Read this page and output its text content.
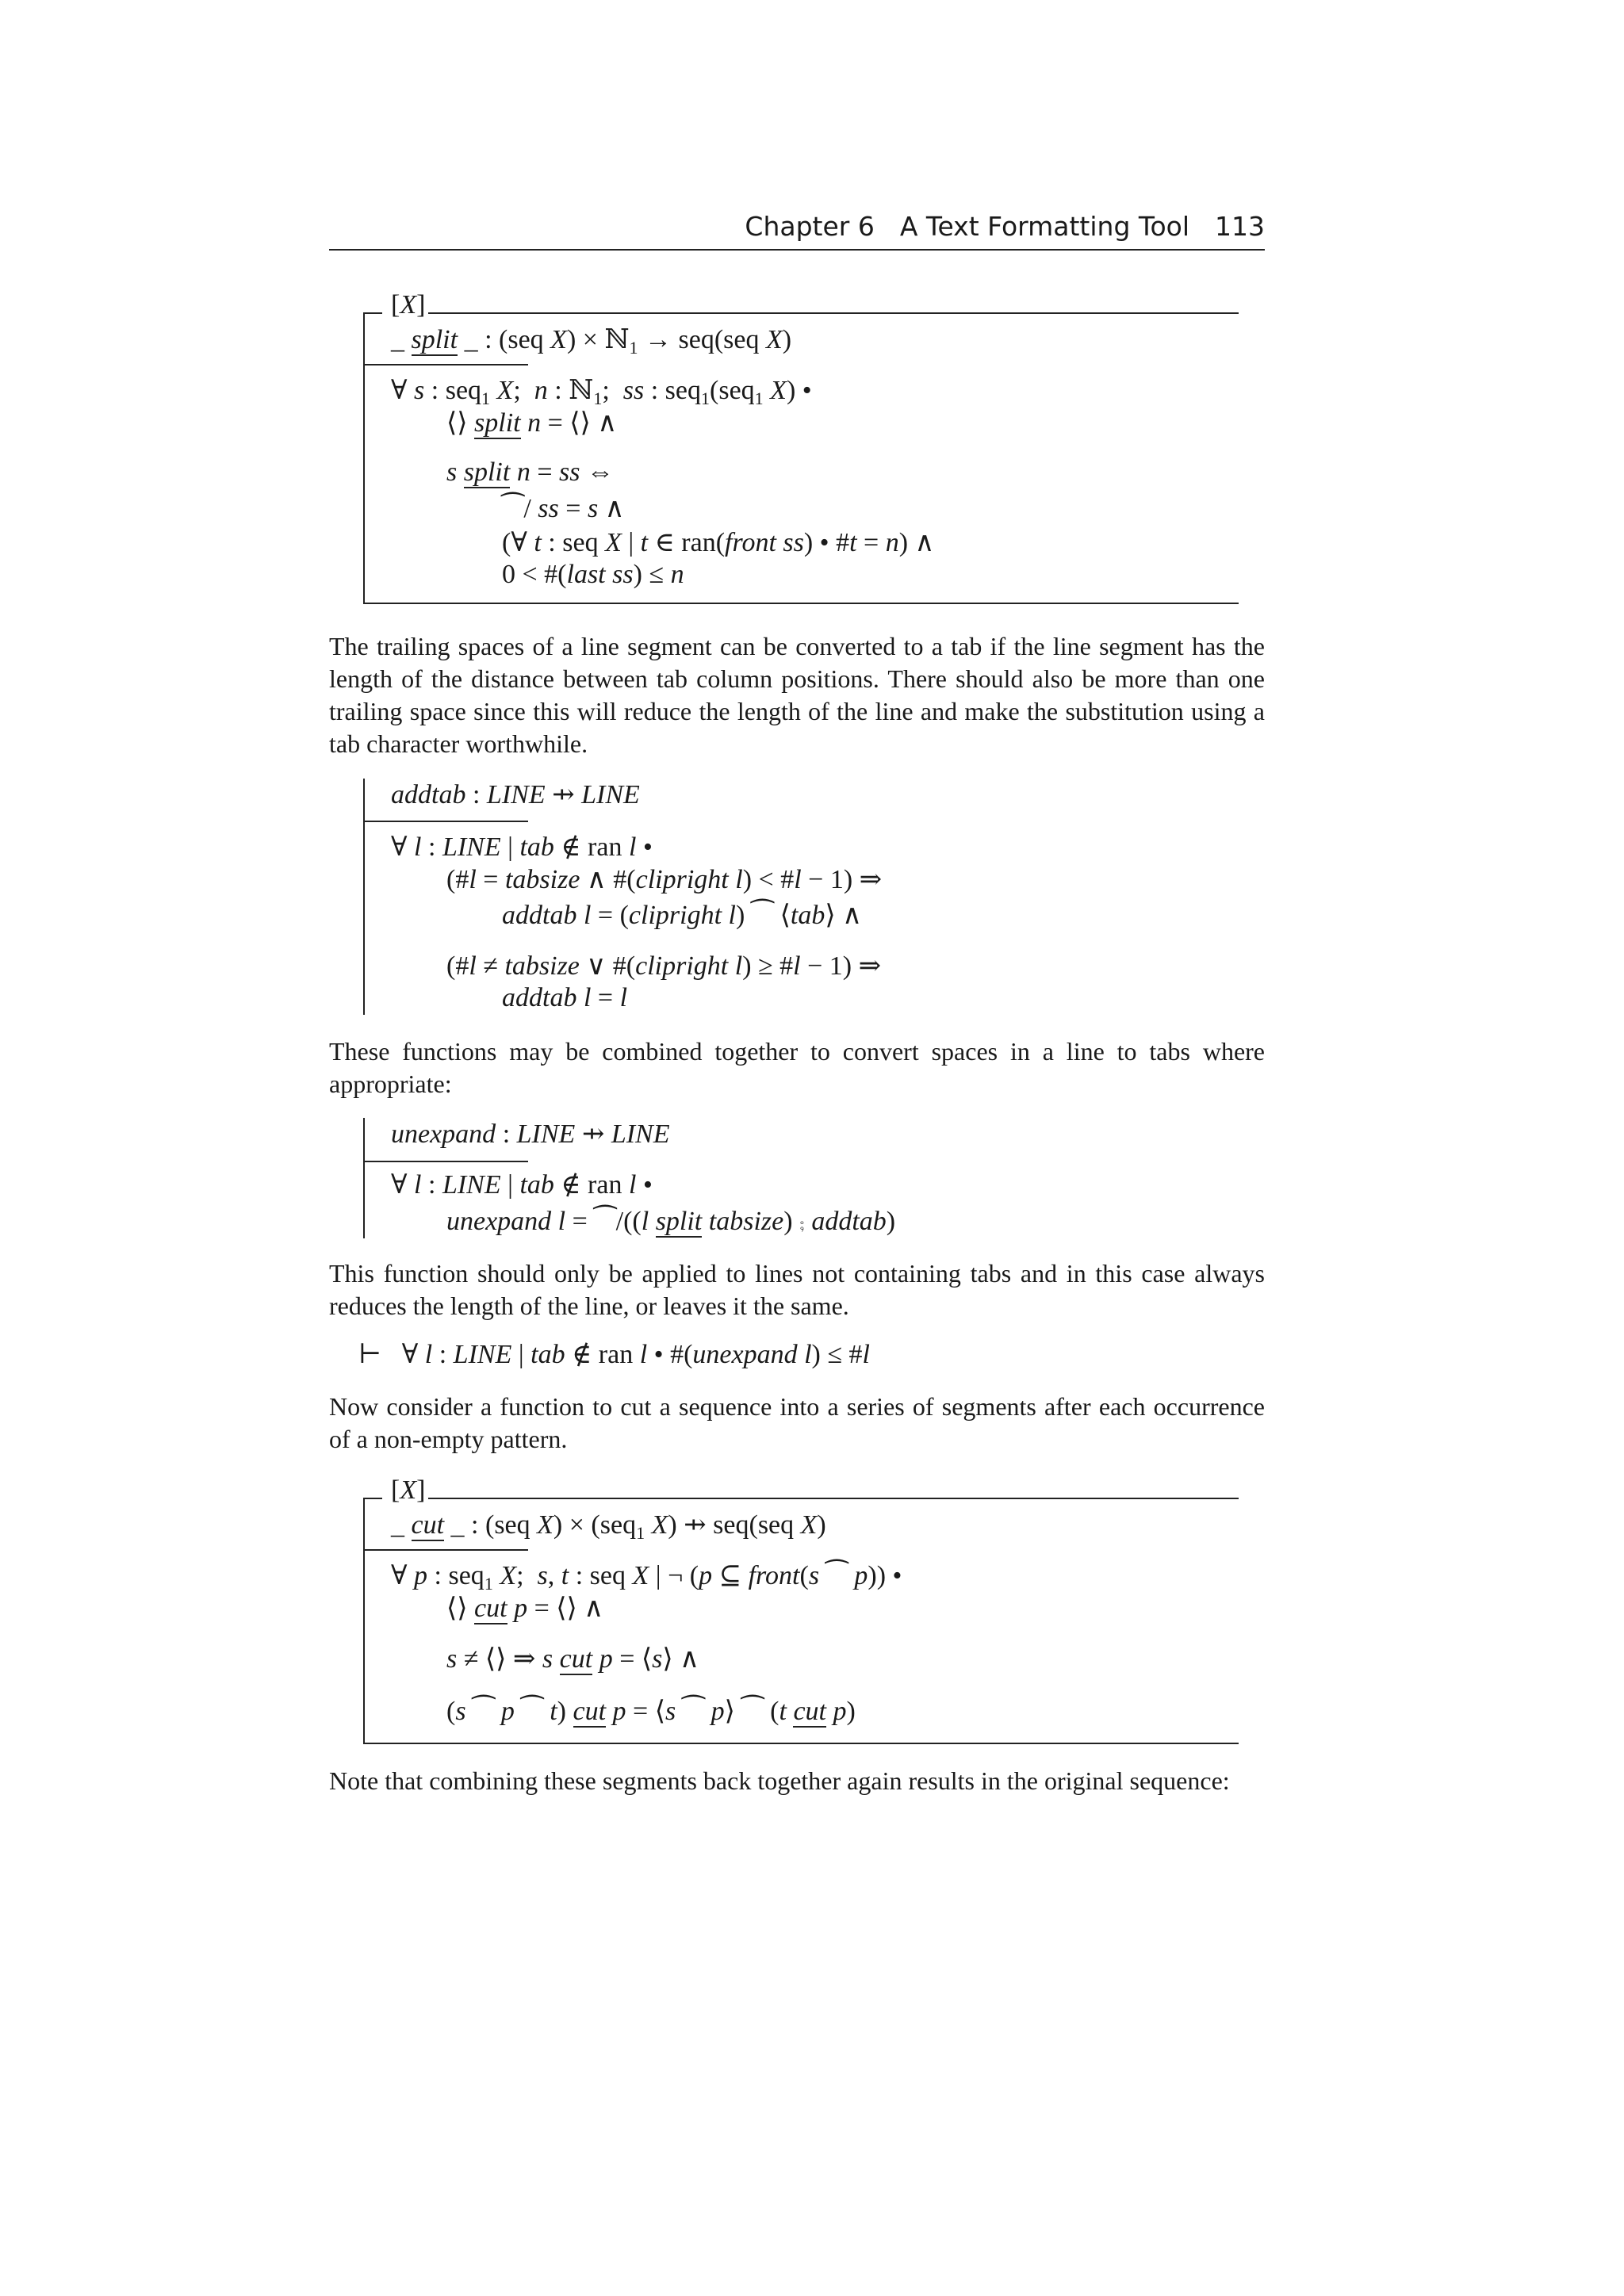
Chapter 6 A Text Formatting Tool 113
[X]
_ split _ : (seq X) × ℕ$_1$ → seq(seq X)
∀ s : seq$_1$ X;  n : ℕ$_1$;  ss : seq$_1$(seq$_1$ X) •
⟨⟩ split n = ⟨⟩ ∧
s split n = ss ⇔
⁀/ ss = s ∧
(∀ t : seq X | t ∈ ran(front ss) • #t = n) ∧
0 < #(last ss) ≤ n

The trailing spaces of a line segment can be converted to a tab if the line segment has the length of the distance between tab column positions. There should also be more than one trailing space since this will reduce the length of the line and make the substitution using a tab character worthwhile.

addtab : LINE ⇸ LINE
∀ l : LINE | tab ∉ ran l •
(#l = tabsize ∧ #(clipright l) < #l − 1) ⇒
addtab l = (clipright l) ⁀ ⟨tab⟩ ∧
(#l ≠ tabsize ∨ #(clipright l) ≥ #l − 1) ⇒
addtab l = l

These functions may be combined together to convert spaces in a line to tabs where appropriate:

unexpand : LINE ⇸ LINE
∀ l : LINE | tab ∉ ran l •
unexpand l = ⁀/((l split tabsize) ⨾ addtab)

This function should only be applied to lines not containing tabs and in this case always reduces the length of the line, or leaves it the same.

⊢   ∀ l : LINE | tab ∉ ran l • #(unexpand l) ≤ #l

Now consider a function to cut a sequence into a series of segments after each occurrence of a non-empty pattern.

[X]
_ cut _ : (seq X) × (seq$_1$ X) ⇸ seq(seq X)
∀ p : seq$_1$ X;  s, t : seq X | ¬ (p ⊆ front(s ⁀ p)) •
⟨⟩ cut p = ⟨⟩ ∧
s ≠ ⟨⟩ ⇒ s cut p = ⟨s⟩ ∧
(s ⁀ p ⁀ t) cut p = ⟨s ⁀ p⟩ ⁀ (t cut p)

Note that combining these segments back together again results in the original sequence:
